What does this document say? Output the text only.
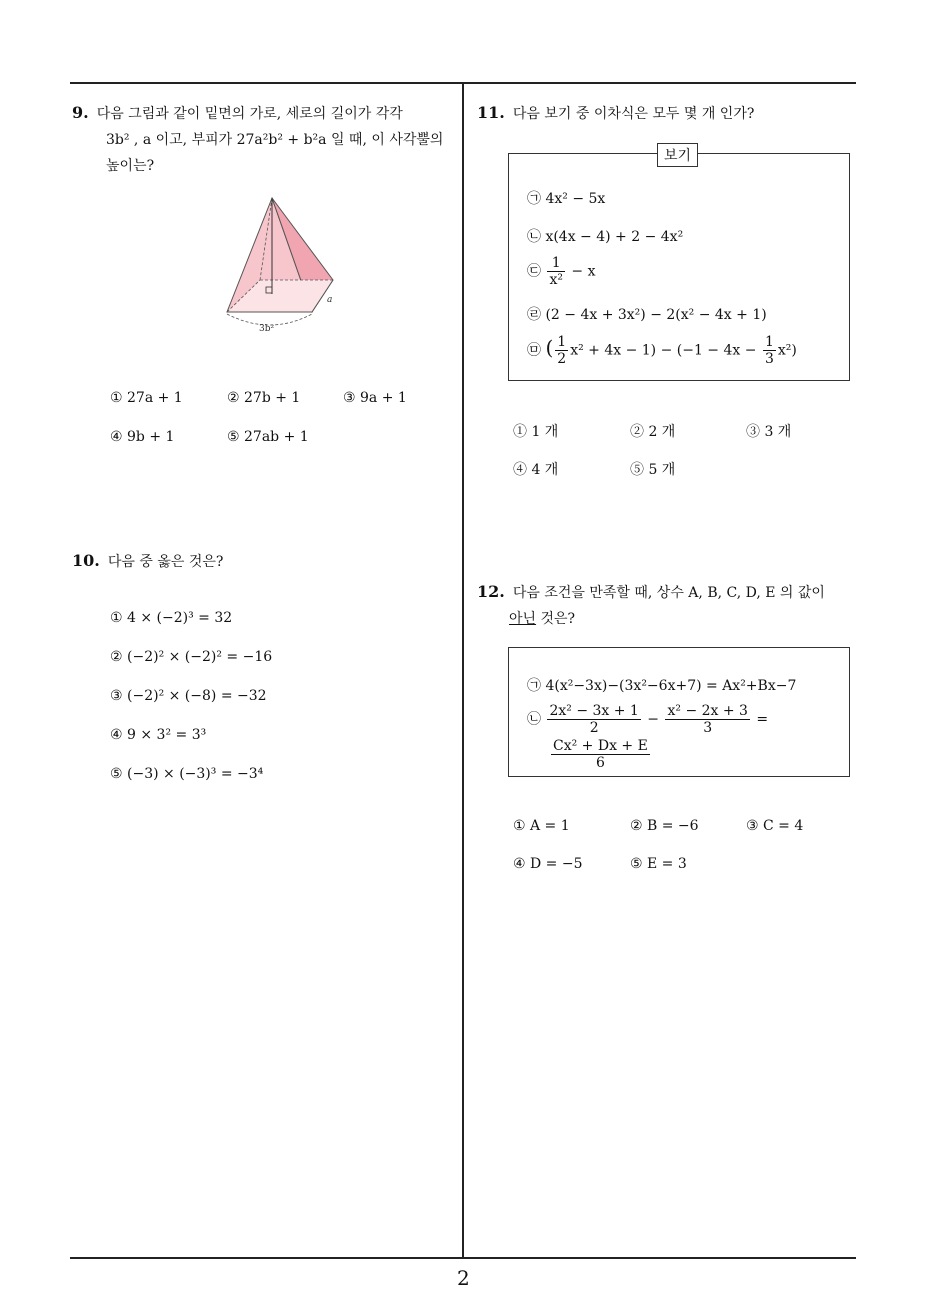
9. 다음 그림과 같이 밑면의 가로, 세로의 길이가 각각
3b² , a 이고, 부피가 27a²b² + b²a 일 때, 이 사각뿔의
높이는?
a
3b²
① 27a + 1	② 27b + 1	③ 9a + 1
④ 9b + 1	⑤ 27ab + 1
10. 다음 중 옳은 것은?
① 4 × (−2)³ = 32
② (−2)² × (−2)² = −16
③ (−2)² × (−8) = −32
④ 9 × 3² = 3³
⑤ (−3) × (−3)³ = −3⁴
11. 다음 보기 중 이차식은 모두 몇 개 인가?
보기
㉠ 4x² − 5x
㉡ x(4x − 4) + 2 − 4x²
㉢ $\frac{1}{\text{x²}} - x$
㉣ (2 − 4x + 3x²) − 2(x² − 4x + 1)
㉤ ( $\frac{1}{2} x^2 + 4x - 1) - (-1 - 4x - \frac{1}{3} x^2)$
① 1 개	② 2 개	③ 3 개
④ 4 개	⑤ 5 개
12. 다음 조건을 만족할 때, 상수 A, B, C, D, E 의 값이
아닌 것은?
㉠ 4(x²−3x)−(3x²−6x+7) = Ax²+Bx−7
㉡ $\frac{\text{2x² − 3x + 1}}{2} - \frac{\text{x² − 2x + 3}}{3}$ =
$\frac{\text{Cx² + Dx + E}}{6}$
① A = 1	② B = −6	③ C = 4
④ D = −5	⑤ E = 3
2
